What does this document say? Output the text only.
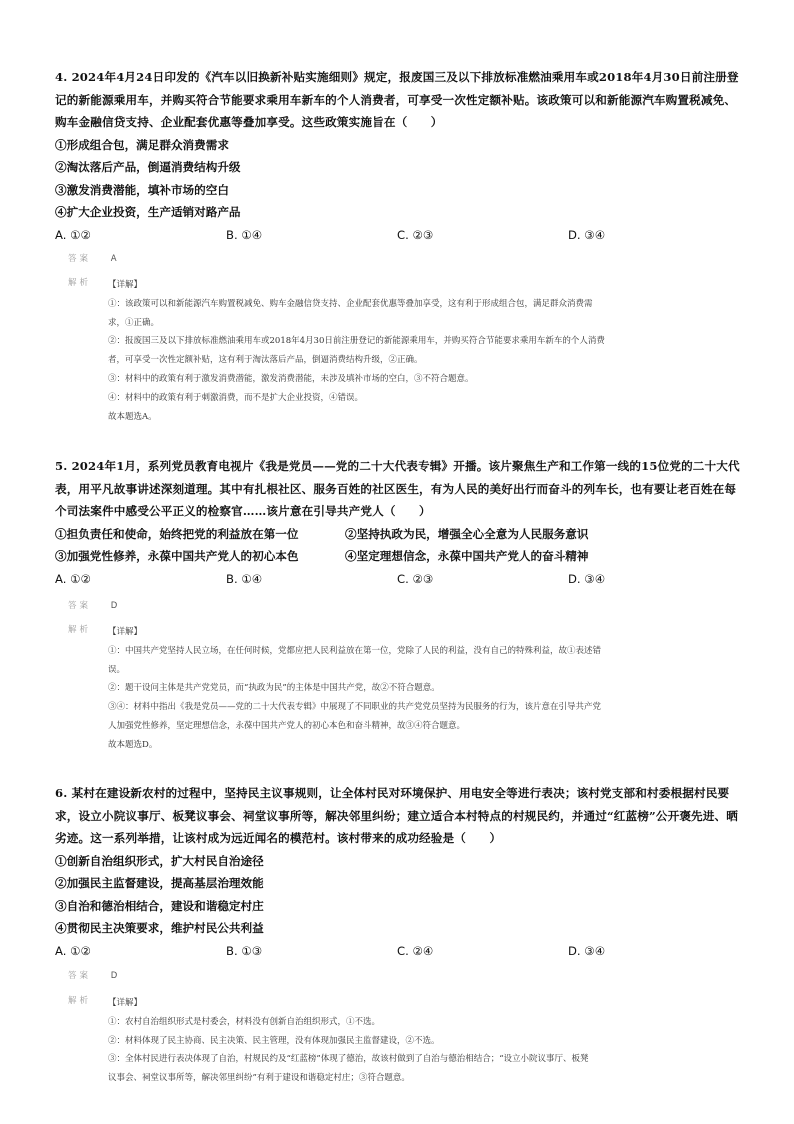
4. 2024年4月24日印发的《汽车以旧换新补贴实施细则》规定，报废国三及以下排放标准燃油乘用车或2018年4月30日前注册登记的新能源乘用车，并购买符合节能要求乘用车新车的个人消费者，可享受一次性定额补贴。该政策可以和新能源汽车购置税减免、购车金融信贷支持、企业配套优惠等叠加享受。这些政策实施旨在（　　）

①形成组合包，满足群众消费需求

②淘汰落后产品，倒逼消费结构升级

③激发消费潜能，填补市场的空白

④扩大企业投资，生产适销对路产品

A. ①②	B. ①④	C. ②③	D. ③④
答案 A
解析 【详解】

①：该政策可以和新能源汽车购置税减免、购车金融信贷支持、企业配套优惠等叠加享受，这有利于形成组合包，满足群众消费需

求，①正确。

②：报废国三及以下排放标准燃油乘用车或2018年4月30日前注册登记的新能源乘用车，并购买符合节能要求乘用车新车的个人消费

者，可享受一次性定额补贴，这有利于淘汰落后产品，倒逼消费结构升级，②正确。

③：材料中的政策有利于激发消费潜能，激发消费潜能，未涉及填补市场的空白，③不符合题意。

④：材料中的政策有利于刺激消费，而不是扩大企业投资，④错误。

故本题选A。

5. 2024年1月，系列党员教育电视片《我是党员——党的二十大代表专辑》开播。该片聚焦生产和工作第一线的15位党的二十大代表，用平凡故事讲述深刻道理。其中有扎根社区、服务百姓的社区医生，有为人民的美好出行而奋斗的列车长，也有要让老百姓在每个司法案件中感受公平正义的检察官……该片意在引导共产党人（　　）

①担负责任和使命，始终把党的利益放在第一位	②坚持执政为民，增强全心全意为人民服务意识
③加强党性修养，永葆中国共产党人的初心本色	④坚定理想信念，永葆中国共产党人的奋斗精神
A. ①②	B. ①④	C. ②③	D. ③④
答案 D
解析 【详解】

①：中国共产党坚持人民立场，在任何时候，党都应把人民利益放在第一位，党除了人民的利益，没有自己的特殊利益，故①表述错

误。

②：题干设问主体是共产党党员，而“执政为民”的主体是中国共产党，故②不符合题意。

③④：材料中指出《我是党员——党的二十大代表专辑》中展现了不同职业的共产党党员坚持为民服务的行为，该片意在引导共产党

人加强党性修养，坚定理想信念，永葆中国共产党人的初心本色和奋斗精神，故③④符合题意。

故本题选D。

6. 某村在建设新农村的过程中，坚持民主议事规则，让全体村民对环境保护、用电安全等进行表决；该村党支部和村委根据村民要求，设立小院议事厅、板凳议事会、祠堂议事所等，解决邻里纠纷；建立适合本村特点的村规民约，并通过“红蓝榜”公开褒先进、晒劣迹。这一系列举措，让该村成为远近闻名的模范村。该村带来的成功经验是（　　）

①创新自治组织形式，扩大村民自治途径

②加强民主监督建设，提高基层治理效能

③自治和德治相结合，建设和谐稳定村庄

④贯彻民主决策要求，维护村民公共利益

A. ①②	B. ①③	C. ②④	D. ③④
答案 D
解析 【详解】

①：农村自治组织形式是村委会，材料没有创新自治组织形式，①不选。

②：材料体现了民主协商、民主决策、民主管理，没有体现加强民主监督建设，②不选。

③：全体村民进行表决体现了自治，村规民约及“红蓝榜”体现了德治，故该村做到了自治与德治相结合；“设立小院议事厅、板凳

议事会、祠堂议事所等，解决邻里纠纷”有利于建设和谐稳定村庄；③符合题意。
